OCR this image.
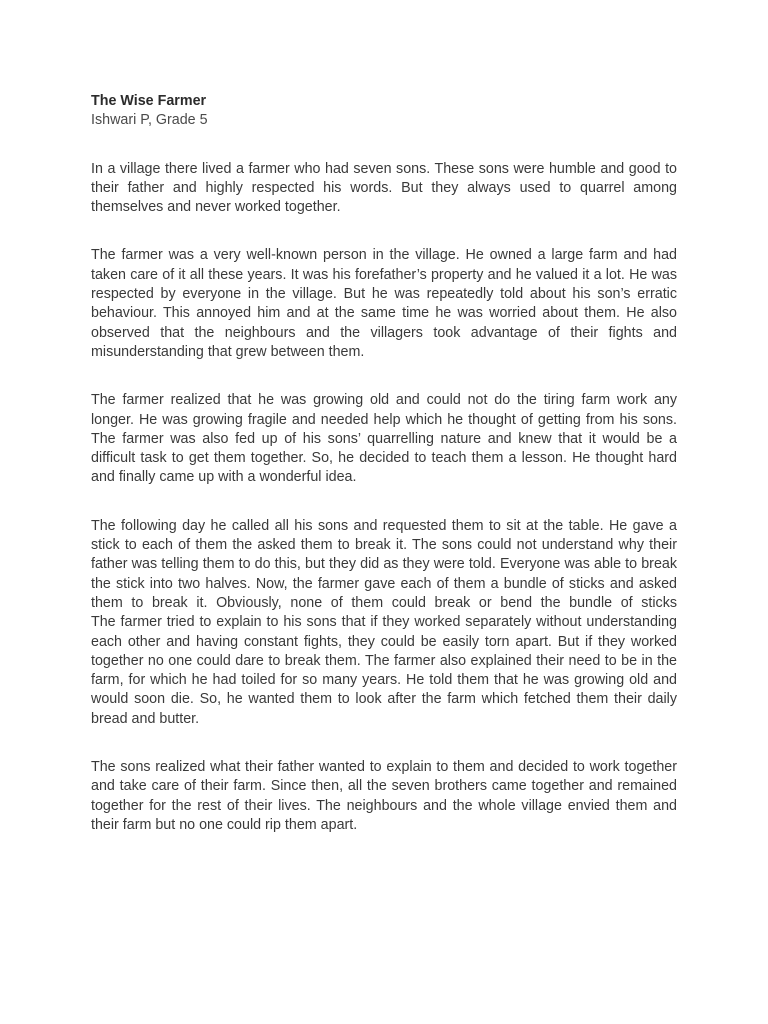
The Wise Farmer

Ishwari P, Grade 5

In a village there lived a farmer who had seven sons. These sons were humble and good to their father and highly respected his words. But they always used to quarrel among themselves and never worked together.

The farmer was a very well-known person in the village. He owned a large farm and had taken care of it all these years. It was his forefather’s property and he valued it a lot. He was respected by everyone in the village. But he was repeatedly told about his son’s erratic behaviour. This annoyed him and at the same time he was worried about them. He also observed that the neighbours and the villagers took advantage of their fights and misunderstanding that grew between them.

The farmer realized that he was growing old and could not do the tiring farm work any longer. He was growing fragile and needed help which he thought of getting from his sons. The farmer was also fed up of his sons’ quarrelling nature and knew that it would be a difficult task to get them together. So, he decided to teach them a lesson. He thought hard and finally came up with a wonderful idea.

The following day he called all his sons and requested them to sit at the table. He gave a stick to each of them the asked them to break it. The sons could not understand why their father was telling them to do this, but they did as they were told. Everyone was able to break the stick into two halves. Now, the farmer gave each of them a bundle of sticks and asked them to break it. Obviously, none of them could break or bend the bundle of sticks

The farmer tried to explain to his sons that if they worked separately without understanding each other and having constant fights, they could be easily torn apart. But if they worked together no one could dare to break them. The farmer also explained their need to be in the farm, for which he had toiled for so many years. He told them that he was growing old and would soon die. So, he wanted them to look after the farm which fetched them their daily bread and butter.

The sons realized what their father wanted to explain to them and decided to work together and take care of their farm. Since then, all the seven brothers came together and remained together for the rest of their lives. The neighbours and the whole village envied them and their farm but no one could rip them apart.
